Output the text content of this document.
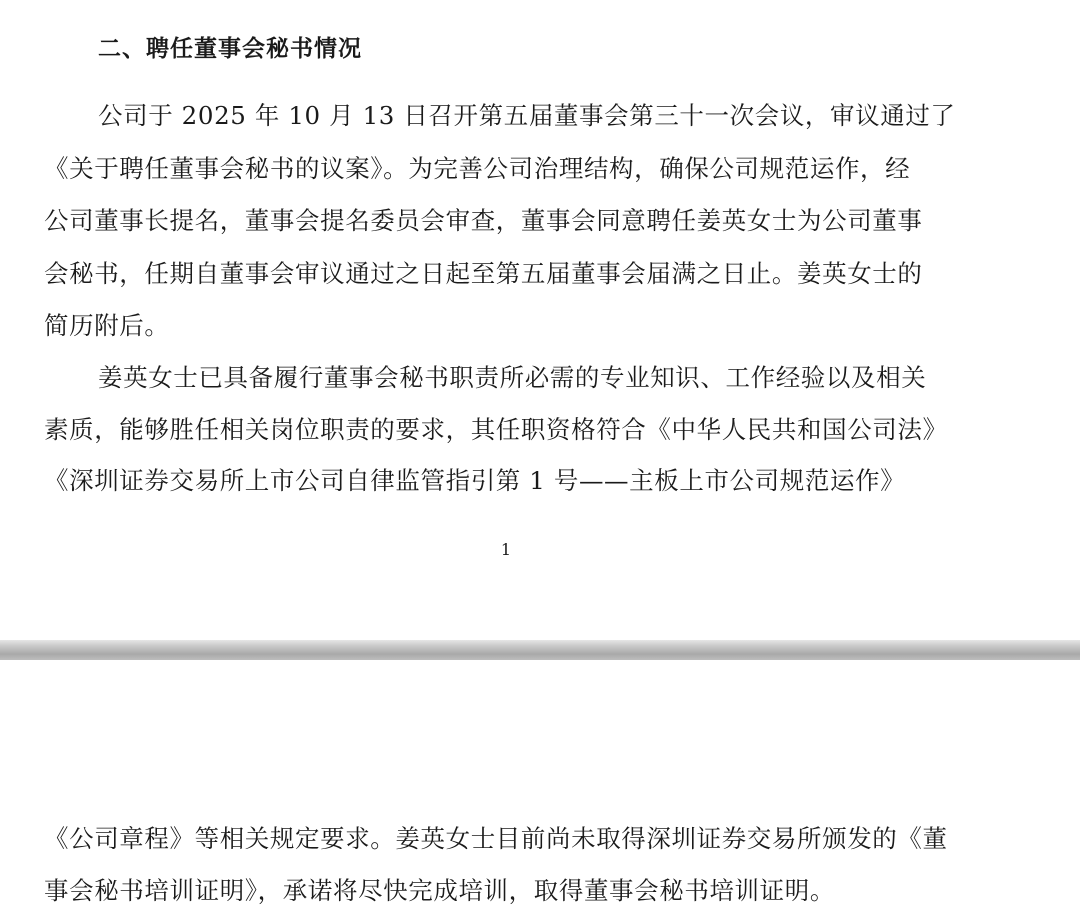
二、聘任董事会秘书情况
公司于 2025 年 10 月 13 日召开第五届董事会第三十一次会议，审议通过了
《关于聘任董事会秘书的议案》。为完善公司治理结构，确保公司规范运作，经
公司董事长提名，董事会提名委员会审查，董事会同意聘任姜英女士为公司董事
会秘书，任期自董事会审议通过之日起至第五届董事会届满之日止。姜英女士的
简历附后。
姜英女士已具备履行董事会秘书职责所必需的专业知识、工作经验以及相关
素质，能够胜任相关岗位职责的要求，其任职资格符合《中华人民共和国公司法》
《深圳证券交易所上市公司自律监管指引第 1 号——主板上市公司规范运作》
1
《公司章程》等相关规定要求。姜英女士目前尚未取得深圳证券交易所颁发的《董
事会秘书培训证明》，承诺将尽快完成培训，取得董事会秘书培训证明。
